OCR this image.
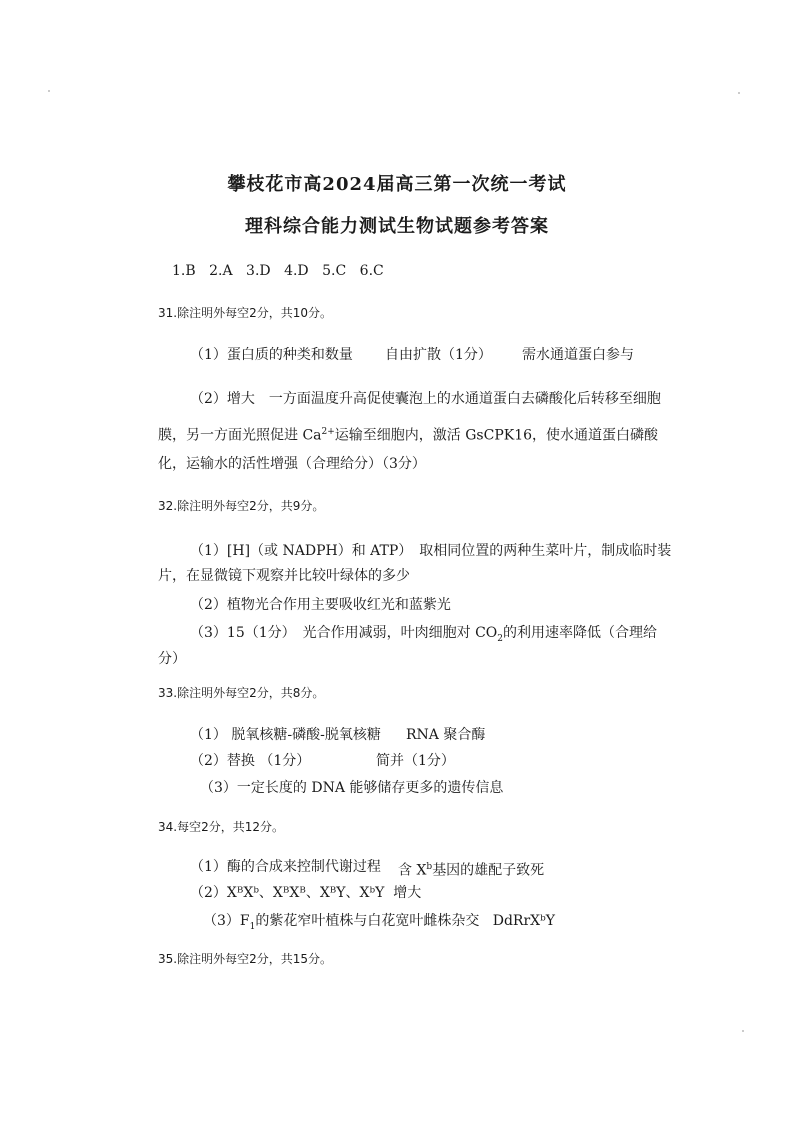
攀枝花市高2024届高三第一次统一考试
理科综合能力测试生物试题参考答案
1.B 2.A 3.D 4.D 5.C 6.C
31.除注明外每空2分，共10分。
（1）蛋白质的种类和数量 自由扩散（1分） 需水通道蛋白参与
（2）增大　一方面温度升高促使囊泡上的水通道蛋白去磷酸化后转移至细胞
膜，另一方面光照促进 $Ca^{2+}$运输至细胞内，激活 GsCPK16，使水通道蛋白磷酸
化，运输水的活性增强（合理给分）（3分）
32.除注明外每空2分，共9分。
（1）[H]（或 NADPH）和 ATP）　取相同位置的两种生菜叶片，制成临时装
片，在显微镜下观察并比较叶绿体的多少
（2）植物光合作用主要吸收红光和蓝紫光
（3）15（1分）　光合作用减弱，叶肉细胞对 $CO_2$的利用速率降低（合理给
分）
33.除注明外每空2分，共8分。
（1） 脱氧核糖-磷酸-脱氧核糖 RNA 聚合酶
（2）替换 （1分）	简并（1分）
（3）一定长度的 DNA 能够储存更多的遗传信息
34.每空2分，共12分。
（1）酶的合成来控制代谢过程 含 $X^b$基因的雄配子致死
（2）XᴮXᵇ、XᴮXᴮ、XᴮY、XᵇY 增大
$(3)F_1$的紫花窄叶植株与白花宽叶雌株杂交 DdRrXᵇY
35.除注明外每空2分，共15分。
